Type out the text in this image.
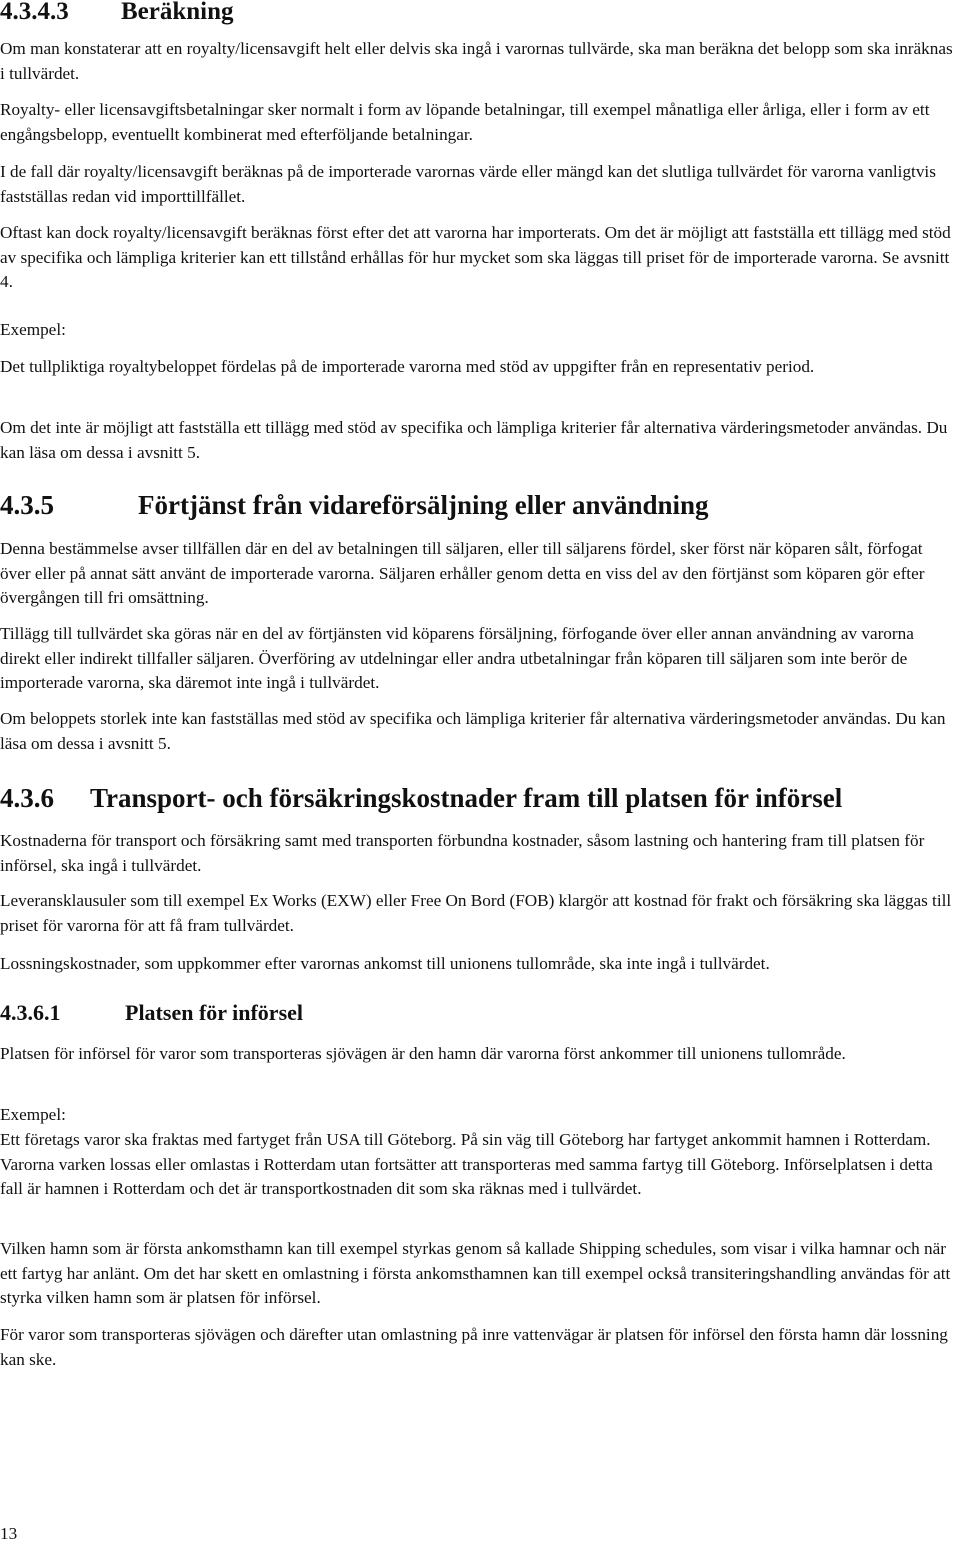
4.3.4.3 Beräkning

Om man konstaterar att en royalty/licensavgift helt eller delvis ska ingå i varornas tullvärde, ska man beräkna det belopp som ska inräknas i tullvärdet.

Royalty- eller licensavgiftsbetalningar sker normalt i form av löpande betalningar, till exempel månatliga eller årliga, eller i form av ett engångsbelopp, eventuellt kombinerat med efterföljande betalningar.

I de fall där royalty/licensavgift beräknas på de importerade varornas värde eller mängd kan det slutliga tullvärdet för varorna vanligtvis fastställas redan vid importtillfället.

Oftast kan dock royalty/licensavgift beräknas först efter det att varorna har importerats. Om det är möjligt att fastställa ett tillägg med stöd av specifika och lämpliga kriterier kan ett tillstånd erhållas för hur mycket som ska läggas till priset för de importerade varorna. Se avsnitt 4.

Exempel:

Det tullpliktiga royaltybeloppet fördelas på de importerade varorna med stöd av uppgifter från en representativ period.

Om det inte är möjligt att fastställa ett tillägg med stöd av specifika och lämpliga kriterier får alternativa värderingsmetoder användas. Du kan läsa om dessa i avsnitt 5.

4.3.5	Förtjänst från vidareförsäljning eller användning

Denna bestämmelse avser tillfällen där en del av betalningen till säljaren, eller till säljarens fördel, sker först när köparen sålt, förfogat över eller på annat sätt använt de importerade varorna. Säljaren erhåller genom detta en viss del av den förtjänst som köparen gör efter övergången till fri omsättning.

Tillägg till tullvärdet ska göras när en del av förtjänsten vid köparens försäljning, förfogande över eller annan användning av varorna direkt eller indirekt tillfaller säljaren. Överföring av utdelningar eller andra utbetalningar från köparen till säljaren som inte berör de importerade varorna, ska däremot inte ingå i tullvärdet.

Om beloppets storlek inte kan fastställas med stöd av specifika och lämpliga kriterier får alternativa värderingsmetoder användas. Du kan läsa om dessa i avsnitt 5.

4.3.6 Transport- och försäkringskostnader fram till platsen för införsel

Kostnaderna för transport och försäkring samt med transporten förbundna kostnader, såsom lastning och hantering fram till platsen för införsel, ska ingå i tullvärdet.

Leveransklausuler som till exempel Ex Works (EXW) eller Free On Bord (FOB) klargör att kostnad för frakt och försäkring ska läggas till priset för varorna för att få fram tullvärdet.

Lossningskostnader, som uppkommer efter varornas ankomst till unionens tullområde, ska inte ingå i tullvärdet.

4.3.6.1	Platsen för införsel

Platsen för införsel för varor som transporteras sjövägen är den hamn där varorna först ankommer till unionens tullområde.

Exempel:

Ett företags varor ska fraktas med fartyget från USA till Göteborg. På sin väg till Göteborg har fartyget ankommit hamnen i Rotterdam. Varorna varken lossas eller omlastas i Rotterdam utan fortsätter att transporteras med samma fartyg till Göteborg. Införselplatsen i detta fall är hamnen i Rotterdam och det är transportkostnaden dit som ska räknas med i tullvärdet.

Vilken hamn som är första ankomsthamn kan till exempel styrkas genom så kallade Shipping schedules, som visar i vilka hamnar och när ett fartyg har anlänt. Om det har skett en omlastning i första ankomsthamnen kan till exempel också transiteringshandling användas för att styrka vilken hamn som är platsen för införsel.

För varor som transporteras sjövägen och därefter utan omlastning på inre vattenvägar är platsen för införsel den första hamn där lossning kan ske.

13
